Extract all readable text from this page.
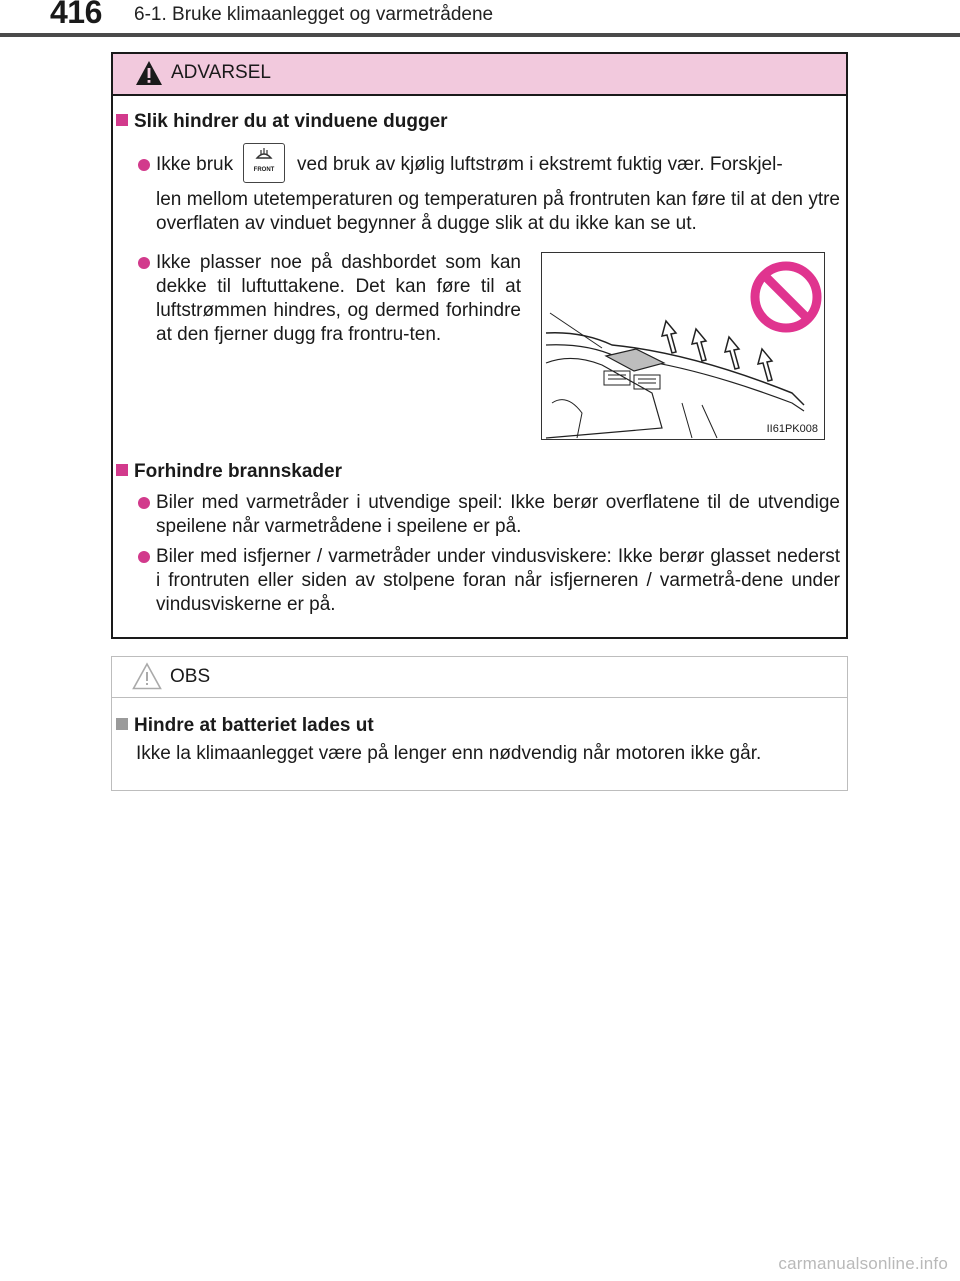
416 6-1. Bruke klimaanlegget og varmetrådene
ADVARSEL
Slik hindrer du at vinduene dugger
Ikke bruk	FRONT	ved bruk av kjølig luftstrøm i ekstremt fuktig vær. Forskjel-
len mellom utetemperaturen og temperaturen på frontruten kan føre til at den ytre overflaten av vinduet begynner å dugge slik at du ikke kan se ut.
Ikke plasser noe på dashbordet som kan dekke til luftuttakene. Det kan føre til at luftstrømmen hindres, og dermed forhindre at den fjerner dugg fra frontru-ten.
II61PK008
Forhindre brannskader
Biler med varmetråder i utvendige speil: Ikke berør overflatene til de utvendige speilene når varmetrådene i speilene er på.
Biler med isfjerner / varmetråder under vindusviskere: Ikke berør glasset nederst i frontruten eller siden av stolpene foran når isfjerneren / varmetrå-dene under vindusviskerne er på.
OBS
Hindre at batteriet lades ut
Ikke la klimaanlegget være på lenger enn nødvendig når motoren ikke går.
carmanualsonline.info
